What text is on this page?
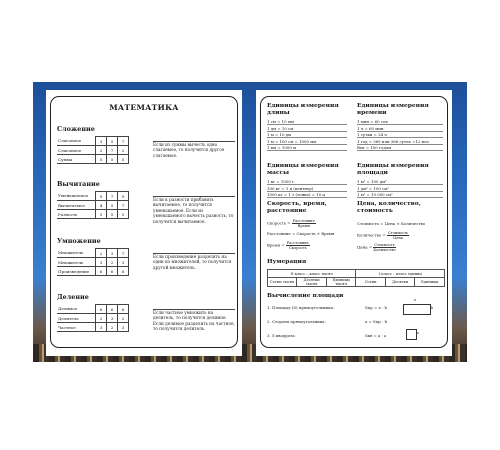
МАТЕМАТИКА
Сложение
Слагаемое	3	5	7
Слагаемое	2	7	2
Сумма	5	5	5
Если из суммы вычесть одно слагаемое, то получится другое слагаемое.
Вычитание
Уменьшаемое	9	7	9
Вычитаемое	4	5	7
Разность	5	5	5
Если к разности прибавить вычитаемое, то получится уменьшаемое. Если из уменьшаемого вычесть разность, то получится вычитаемое.
Умножение
Множитель	2	3	7
Множитель	3	2	3
Произведение	6	6	6
Если произведение разделить на один из множителей, то получится другой множитель.
Деление
Делимое	6	6	6
Делитель	2	3	2
Частное	3	2	3
Если частное умножить на делитель, то получится делимое. Если делимое разделить на частное, то получится делитель.
Единицы измерения длины
1 см = 10 мм
1 дм = 10 см
1 м = 10 дм
1 м = 100 см = 1000 мм
1 км = 1000 м
Единицы измерения времени
1 мин = 60 сек
1 ч = 60 мин
1 сутки = 24 ч
1 год = 365 или 366 суток =12 мес.
Век = 100 годам
Единицы измерения массы
1 кг = 1000 г
100 кг = 1 ц (центнер)
1000 кг = 1 т (тонна) = 10 ц
Единицы измерения площади
1 м² = 100 дм²
1 дм² = 100 см²
1 м² = 10 000 см²
Скорость, время, расстояние
Скорость = $\frac{\text{Расстояние}}{\text{Время}}$
Расстояние = Скорость × Время
Время = $\frac{\text{Расстояние}}{\text{Скорость}}$
Цена, количество, стоимость
Стоимость = Цена × Количество
Количество = $\frac{\text{Стоимость}}{\text{Цена}}$
Цена = $\frac{\text{Стоимость}}{\text{Количество}}$
Нумерация
II класс – класс тысяч			I класс – класс единиц		
Сотни тысяч	Десятки тысяч	Единицы тысяч	Сотни	Десятки	Единицы
Вычисление площади
1. Площадь (S) прямоугольника:	Sпр = a · b
a
b
2. Сторона прямоугольника:	a = Sпр : b
3. S квадрата:	Sкв = a · a	a
